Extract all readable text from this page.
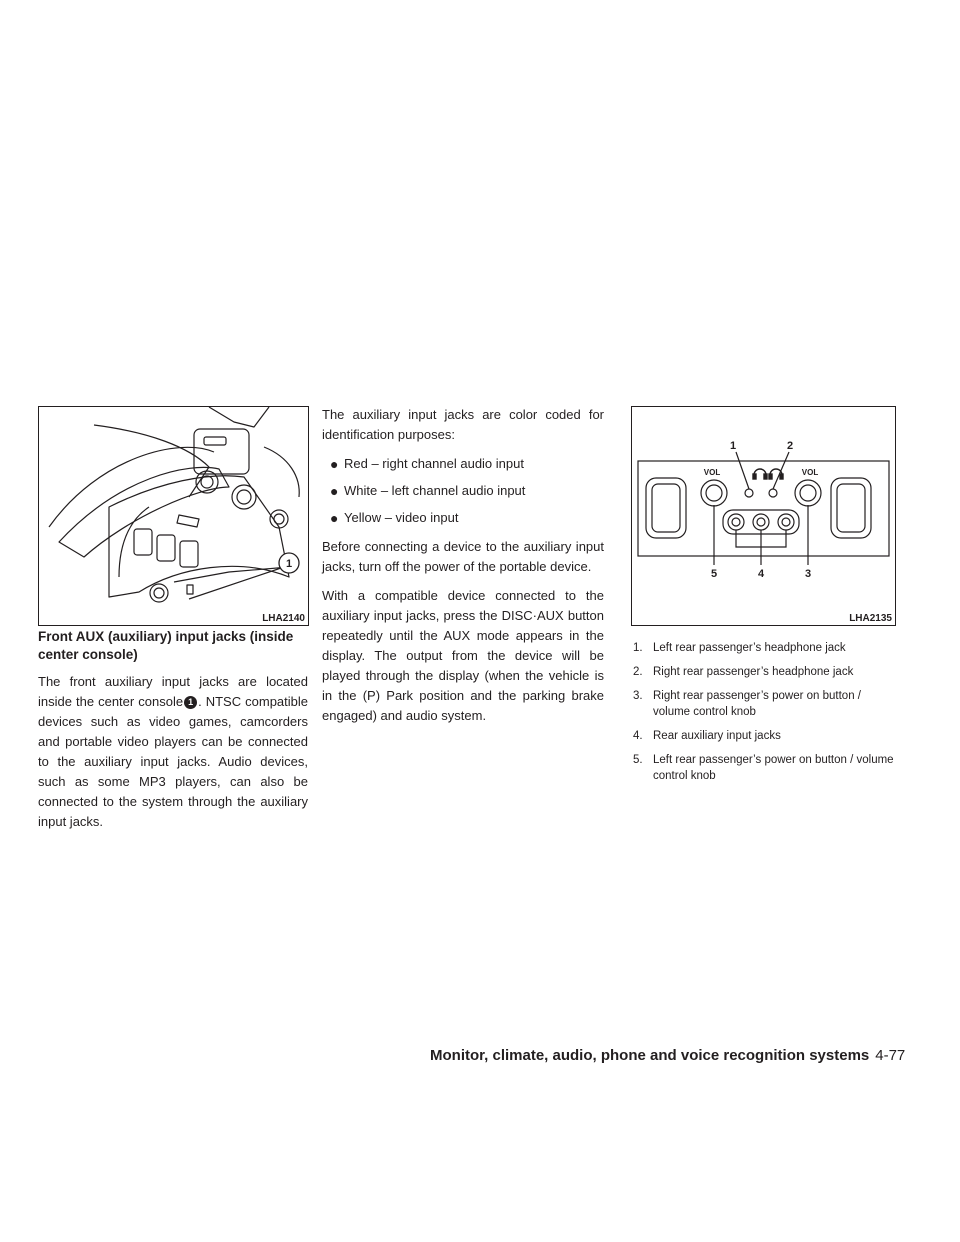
1
LHA2140
VOL	VOL
1	2
3
4
5
LHA2135
Front AUX (auxiliary) input jacks (inside center console)

The front auxiliary input jacks are located inside the center console 1 . NTSC compatible devices such as video games, camcorders and portable video players can be connected to the auxiliary input jacks. Audio devices, such as some MP3 players, can also be connected to the system through the auxiliary input jacks.

The auxiliary input jacks are color coded for identification purposes:

● Red – right channel audio input
● White – left channel audio input
● Yellow – video input

Before connecting a device to the auxiliary input jacks, turn off the power of the portable device.

With a compatible device connected to the auxiliary input jacks, press the DISC·AUX button repeatedly until the AUX mode appears in the display. The output from the device will be played through the display (when the vehicle is in the (P) Park position and the parking brake engaged) and audio system.

1. Left rear passenger’s headphone jack
2. Right rear passenger’s headphone jack
3. Right rear passenger’s power on button / volume control knob
4. Rear auxiliary input jacks
5. Left rear passenger’s power on button / volume control knob
Monitor, climate, audio, phone and voice recognition systems 4-77
